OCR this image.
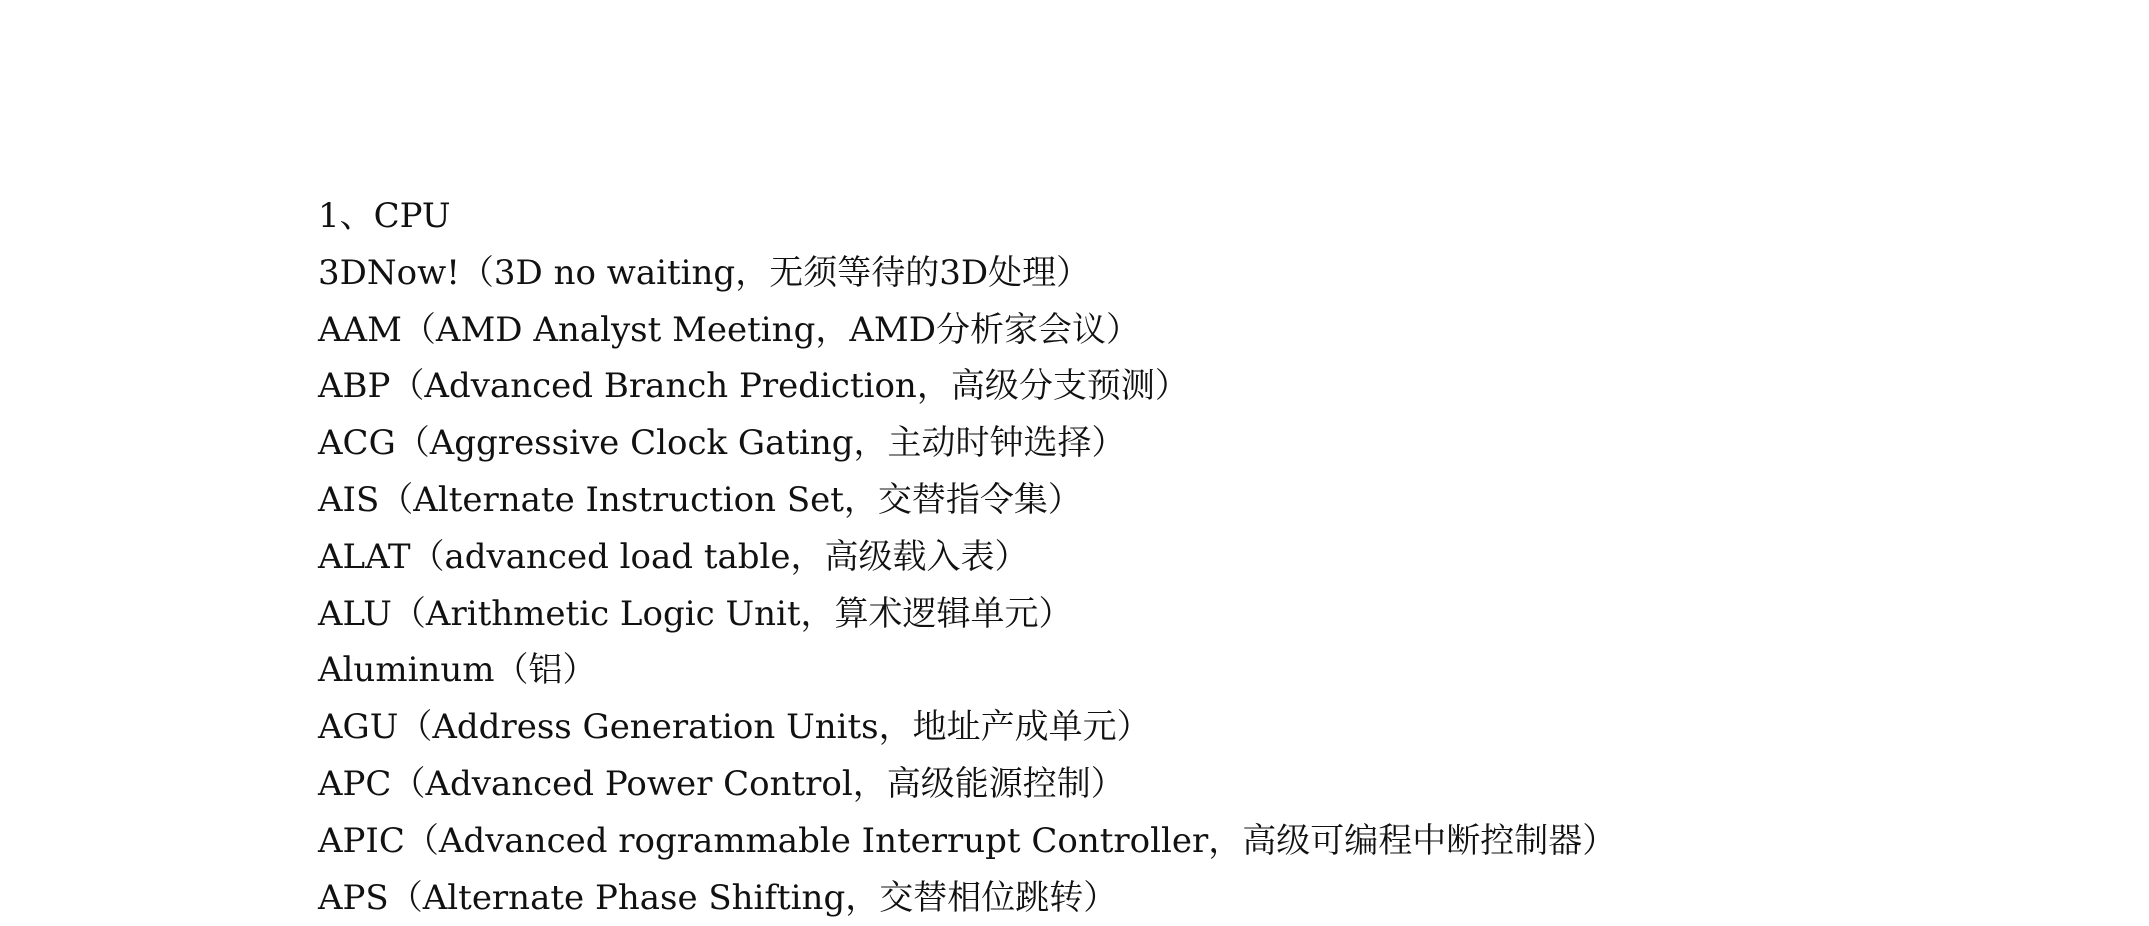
1、CPU
3DNow!（3D no waiting，无须等待的3D处理）
AAM（AMD Analyst Meeting，AMD分析家会议）
ABP（Advanced Branch Prediction，高级分支预测）
ACG（Aggressive Clock Gating，主动时钟选择）
AIS（Alternate Instruction Set，交替指令集）
ALAT（advanced load table，高级载入表）
ALU（Arithmetic Logic Unit，算术逻辑单元）
Aluminum（铝）
AGU（Address Generation Units，地址产成单元）
APC（Advanced Power Control，高级能源控制）
APIC（Advanced rogrammable Interrupt Controller，高级可编程中断控制器）
APS（Alternate Phase Shifting，交替相位跳转）
